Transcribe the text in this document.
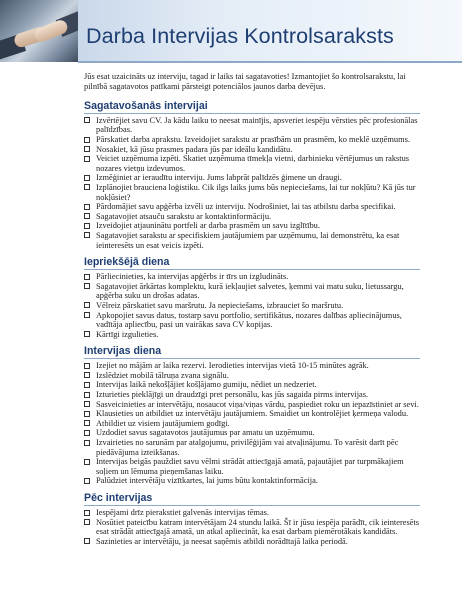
Darba Intervijas Kontrolsaraksts

Jūs esat uzaicināts uz interviju, tagad ir laiks tai sagatavoties! Izmantojiet šo kontrolsarakstu, lai pilnībā sagatavotos patīkami pārsteigt potenciālos jaunos darba devējus.

Sagatavošanās intervijai
Izvērtējiet savu CV. Ja kādu laiku to neesat mainījis, apsveriet iespēju vērsties pēc profesionālas palīdzības.
Pārskatiet darba aprakstu. Izveidojiet sarakstu ar prasībām un prasmēm, ko meklē uzņēmums.
Nosakiet, kā jūsu prasmes padara jūs par ideālu kandidātu.
Veiciet uzņēmuma izpēti. Skatiet uzņēmuma tīmekļa vietni, darbinieku vērtējumus un rakstus nozares vietņu izdevumos.
Izmēģiniet ar ieraudītu interviju. Jums labprāt palīdzēs ģimene un draugi.
Izplānojiet brauciena loģistiku. Cik ilgs laiks jums būs nepieciešams, lai tur nokļūtu? Kā jūs tur nokļūsiet?
Pārdomājiet savu apģērba izvēli uz interviju. Nodrošiniet, lai tas atbilstu darba specifikai.
Sagatavojiet atsauču sarakstu ar kontaktinformāciju.
Izveidojiet atjauninātu portfeli ar darba prasmēm un savu izglītību.
Sagatavojiet sarakstu ar specifiskiem jautājumiem par uzņēmumu, lai demonstrētu, ka esat ieinteresēts un esat veicis izpēti.
Iepriekšējā diena
Pārliecinieties, ka intervijas apģērbs ir tīrs un izgludināts.
Sagatavojiet ārkārtas komplektu, kurā iekļaujiet salvetes, ķemmi vai matu suku, lietussargu, apģērba suku un drošas adatas.
Vēlreiz pārskatiet savu maršrutu. Ja nepieciešams, izbrauciet šo maršrutu.
Apkopojiet savus datus, tostarp savu portfolio, sertifikātus, nozares dalības apliecinājumus, vadītāja apliecību, pasi un vairākas sava CV kopijas.
Kārtīgi izgulieties.
Intervijas diena
Izejiet no mājām ar laika rezervi. Ierodieties intervijas vietā 10-15 minūtes agrāk.
Izslēdziet mobilā tālruņa zvana signālu.
Intervijas laikā nekošļājiet košļājamo gumiju, nēdiet un nedzeriet.
Izturieties pieklājīgi un draudzīgi pret personālu, kas jūs sagaida pirms intervijas.
Sasveicinieties ar intervētāju, nosaucot viņa/viņas vārdu, paspiediet roku un iepazīstiniet ar sevi.
Klausieties un atbildiet uz intervētāju jautājumiem. Smaidiet un kontrolējiet ķermeņa valodu.
Atbildiet uz visiem jautājumiem godīgi.
Uzdodiet savus sagatavotos jautājumus par amatu un uzņēmumu.
Izvairieties no sarunām par atalgojumu, privilēģijām vai atvaļinājumu. To varēsit darīt pēc piedāvājuma izteikšanas.
Intervijas beigās pauždiet savu vēlmi strādāt attiecīgajā amatā, pajautājiet par turpmākajiem soļiem un lēmuma pieņemšanas laiku.
Palūdziet intervētāju vizītkartes, lai jums būtu kontaktinformācija.
Pēc intervijas
Iespējami drīz pierakstiet galvenās intervijas tēmas.
Nosūtiet pateicību katram intervētājam 24 stundu laikā. Šī ir jūsu iespēja parādīt, cik ieinteresēts esat strādāt attiecīgajā amatā, un atkal apliecināt, ka esat darbam piemērotākais kandidāts.
Sazinieties ar intervētāju, ja neesat saņēmis atbildi norādītajā laika periodā.
